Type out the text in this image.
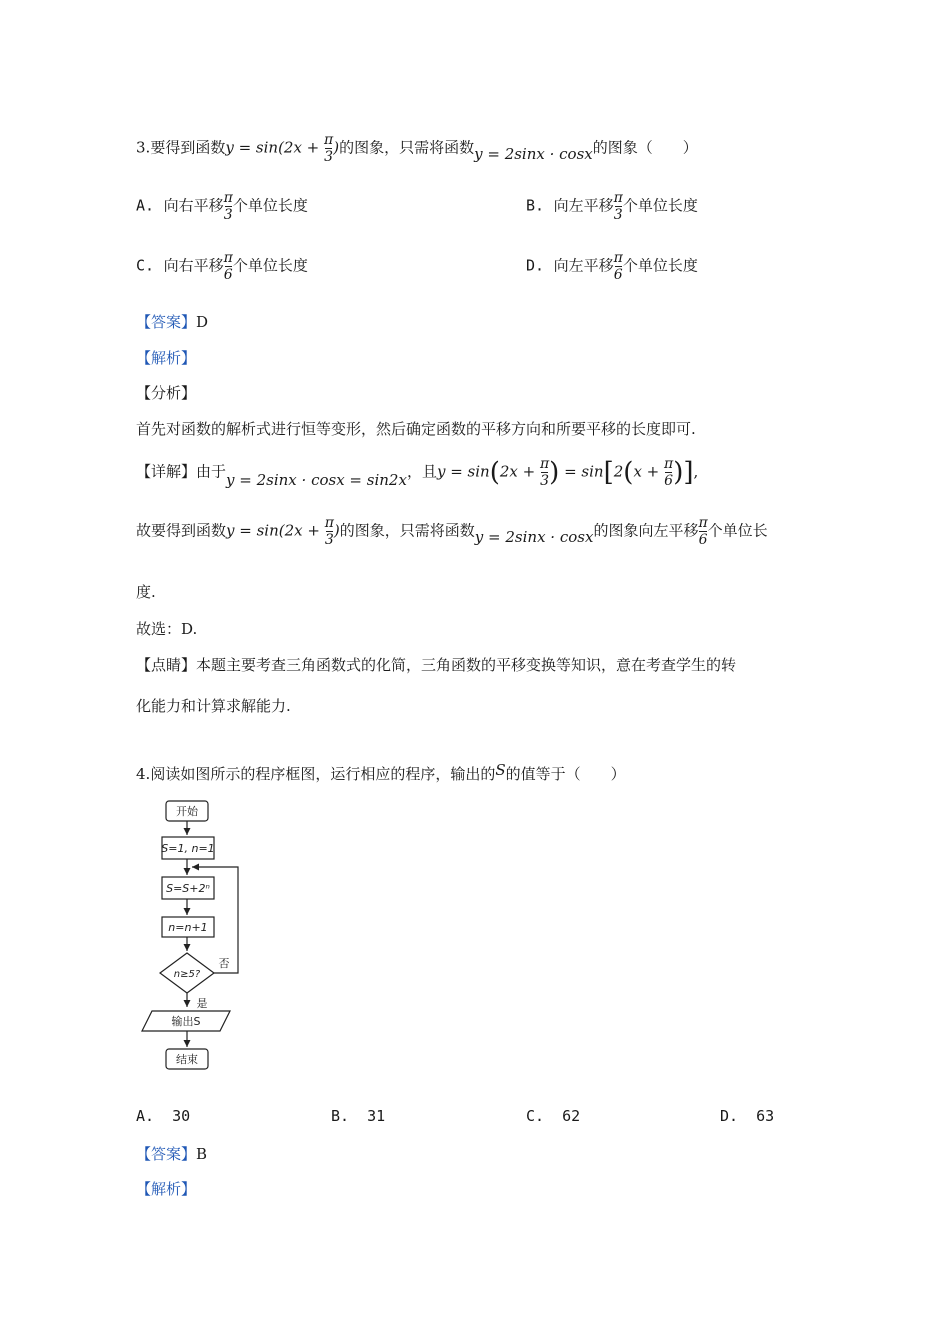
3.要得到函数$y = \sin(2x + \frac{\pi}{3}$ )的图象，只需将函数y = 2sinx · cosx的图象（　　）
A. 向右平移 $\frac{\pi}{3}$ 个单位长度	B. 向左平移 $\frac{\pi}{3}$ 个单位长度
C. 向右平移 $\frac{\pi}{6}$ 个单位长度	D. 向左平移 $\frac{\pi}{6}$ 个单位长度
【答案】D
【解析】
【分析】
首先对函数的解析式进行恒等变形，然后确定函数的平移方向和所要平移的长度即可.
【详解】由于y = 2sinx · cosx = sin2x，且$y = \sin(2x + \frac{\pi}{3}$ ) = $\sin[2(x + \frac{\pi}{6}$ )],
故要得到函数$y = \sin(2x + \frac{\pi}{3}$ )的图象，只需将函数y = 2sinx · cosx的图象向左平移 $\frac{\pi}{6}$ 个单位长
度.
故选：D.
【点睛】本题主要考查三角函数式的化简，三角函数的平移变换等知识，意在考查学生的转
化能力和计算求解能力.
4.阅读如图所示的程序框图，运行相应的程序，输出的S的值等于（　　）
开始
S=1, n=1
S=S+2ⁿ
n=n+1
n≥5?
否
是
输出S
结束
A. 30	B. 31	C. 62	D. 63
【答案】B
【解析】
